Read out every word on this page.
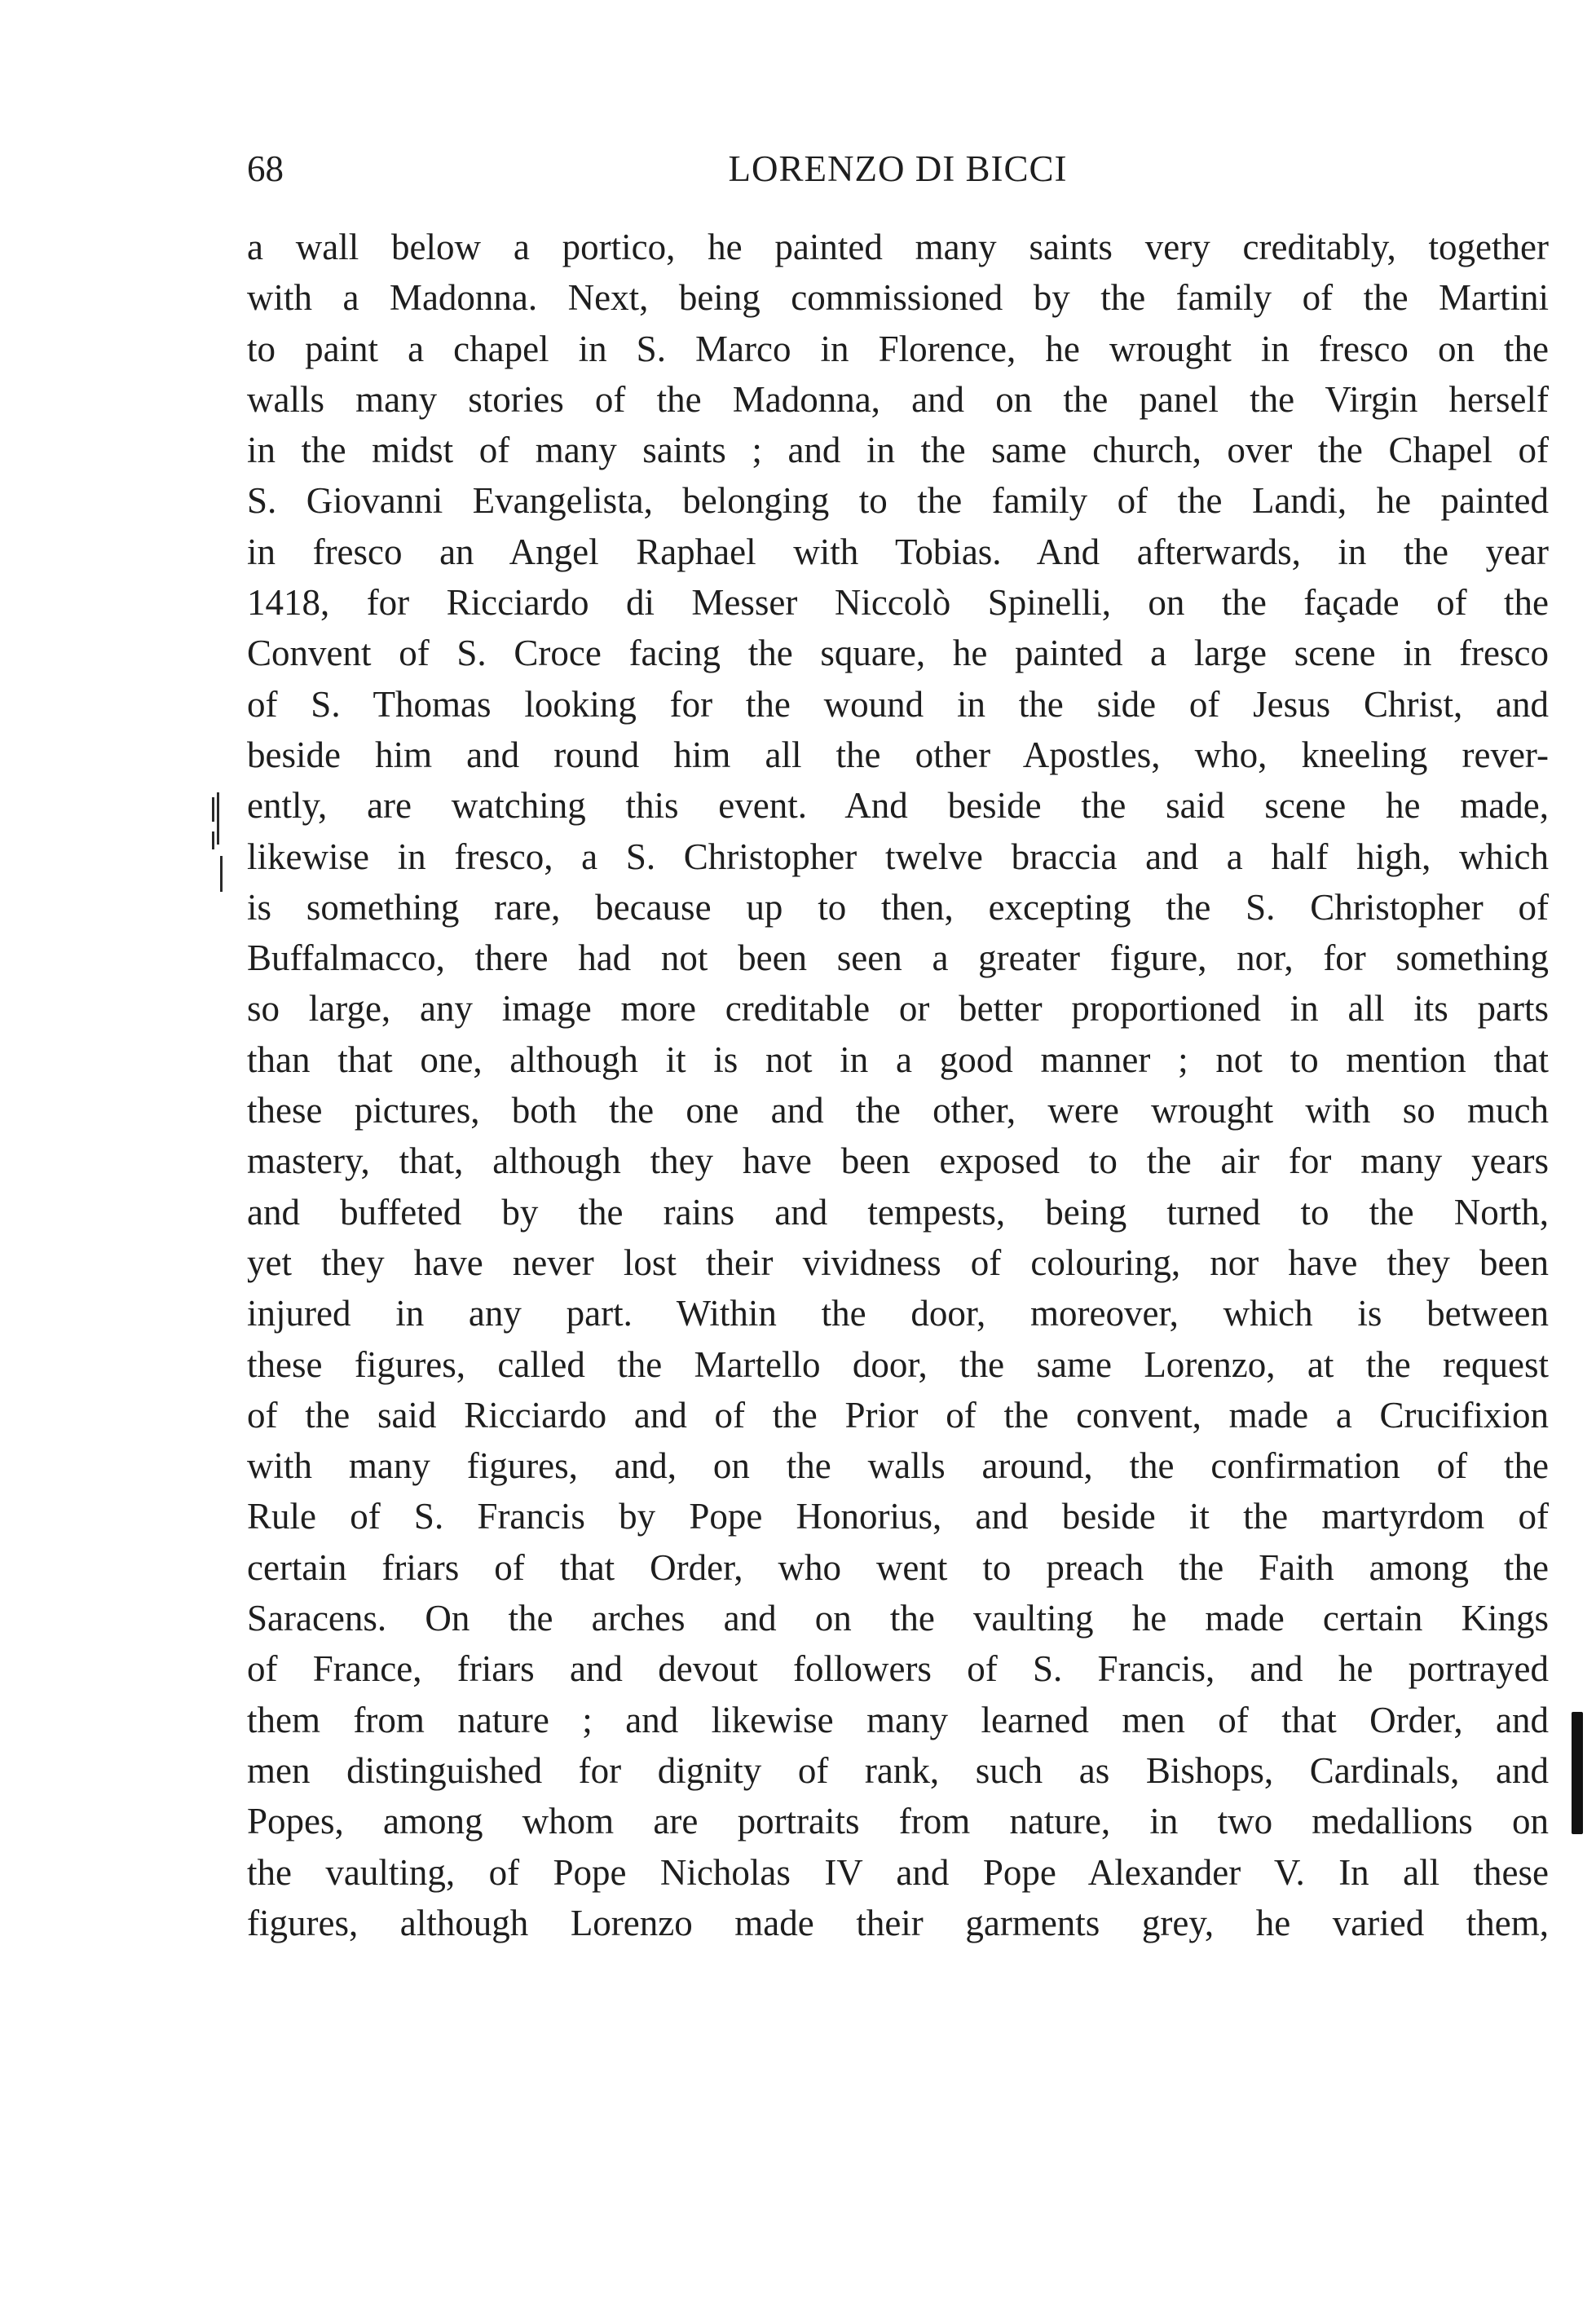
68	LORENZO DI BICCI
a wall below a portico, he painted many saints very creditably, together
with a Madonna. Next, being commissioned by the family of the Martini
to paint a chapel in S. Marco in Florence, he wrought in fresco on the
walls many stories of the Madonna, and on the panel the Virgin herself
in the midst of many saints ; and in the same church, over the Chapel of
S. Giovanni Evangelista, belonging to the family of the Landi, he painted
in fresco an Angel Raphael with Tobias. And afterwards, in the year
1418, for Ricciardo di Messer Niccolò Spinelli, on the façade of the
Convent of S. Croce facing the square, he painted a large scene in fresco
of S. Thomas looking for the wound in the side of Jesus Christ, and
beside him and round him all the other Apostles, who, kneeling rever-
ently, are watching this event. And beside the said scene he made,
likewise in fresco, a S. Christopher twelve braccia and a half high, which
is something rare, because up to then, excepting the S. Christopher of
Buffalmacco, there had not been seen a greater figure, nor, for something
so large, any image more creditable or better proportioned in all its parts
than that one, although it is not in a good manner ; not to mention that
these pictures, both the one and the other, were wrought with so much
mastery, that, although they have been exposed to the air for many years
and buffeted by the rains and tempests, being turned to the North,
yet they have never lost their vividness of colouring, nor have they been
injured in any part. Within the door, moreover, which is between
these figures, called the Martello door, the same Lorenzo, at the request
of the said Ricciardo and of the Prior of the convent, made a Crucifixion
with many figures, and, on the walls around, the confirmation of the
Rule of S. Francis by Pope Honorius, and beside it the martyrdom of
certain friars of that Order, who went to preach the Faith among the
Saracens. On the arches and on the vaulting he made certain Kings
of France, friars and devout followers of S. Francis, and he portrayed
them from nature ; and likewise many learned men of that Order, and
men distinguished for dignity of rank, such as Bishops, Cardinals, and
Popes, among whom are portraits from nature, in two medallions on
the vaulting, of Pope Nicholas IV and Pope Alexander V. In all these
figures, although Lorenzo made their garments grey, he varied them,
